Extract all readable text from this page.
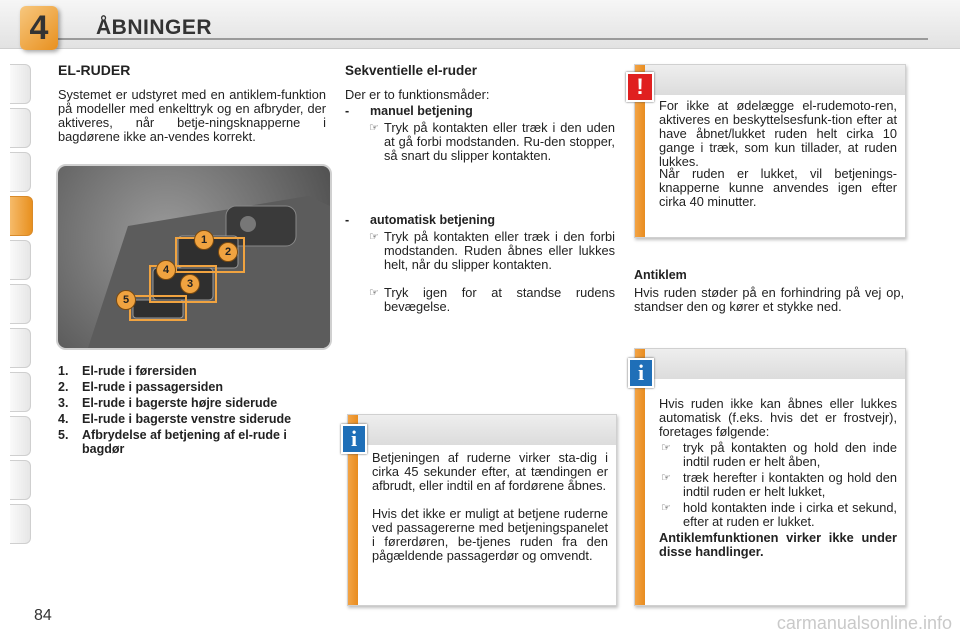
4	ÅBNINGER
EL-RUDER
Systemet er udstyret med en antiklem-funktion på modeller med enkelttryk og en afbryder, der aktiveres, når betje-ningsknapperne i bagdørene ikke an-vendes korrekt.
1
2
3
4
5
1.	El-rude i førersiden
2.	El-rude i passagersiden
3.	El-rude i bagerste højre siderude
4.	El-rude i bagerste venstre siderude
5.	Afbrydelse af betjening af el-rude i bagdør
Sekventielle el-ruder
Der er to funktionsmåder:
- manuel betjening
☞ Tryk på kontakten eller træk i den uden at gå forbi modstanden. Ru-den stopper, så snart du slipper kontakten.
- automatisk betjening
☞ Tryk på kontakten eller træk i den forbi modstanden. Ruden åbnes eller lukkes helt, når du slipper kontakten.
☞ Tryk igen for at standse rudens bevægelse.
Betjeningen af ruderne virker sta-dig i cirka 45 sekunder efter, at tændingen er afbrudt, eller indtil en af fordørene åbnes.
Hvis det ikke er muligt at betjene ruderne ved passagererne med betjeningspanelet i førerdøren, be-tjenes ruden fra den pågældende passagerdør og omvendt.
i
For ikke at ødelægge el-rudemoto-ren, aktiveres en beskyttelsesfunk-tion efter at have åbnet/lukket ruden helt cirka 10 gange i træk, som kun tillader, at ruden lukkes.
Når ruden er lukket, vil betjenings-knapperne kunne anvendes igen efter cirka 40 minutter.
!
Antiklem
Hvis ruden støder på en forhindring på vej op, standser den og kører et stykke ned.
Hvis ruden ikke kan åbnes eller lukkes automatisk (f.eks. hvis det er frostvejr), foretages følgende:
☞ tryk på kontakten og hold den inde indtil ruden er helt åben,
☞ træk herefter i kontakten og hold den indtil ruden er helt lukket,
☞ hold kontakten inde i cirka et sekund, efter at ruden er lukket.
Antiklemfunktionen virker ikke under disse handlinger.
i
84	carmanualsonline.info
